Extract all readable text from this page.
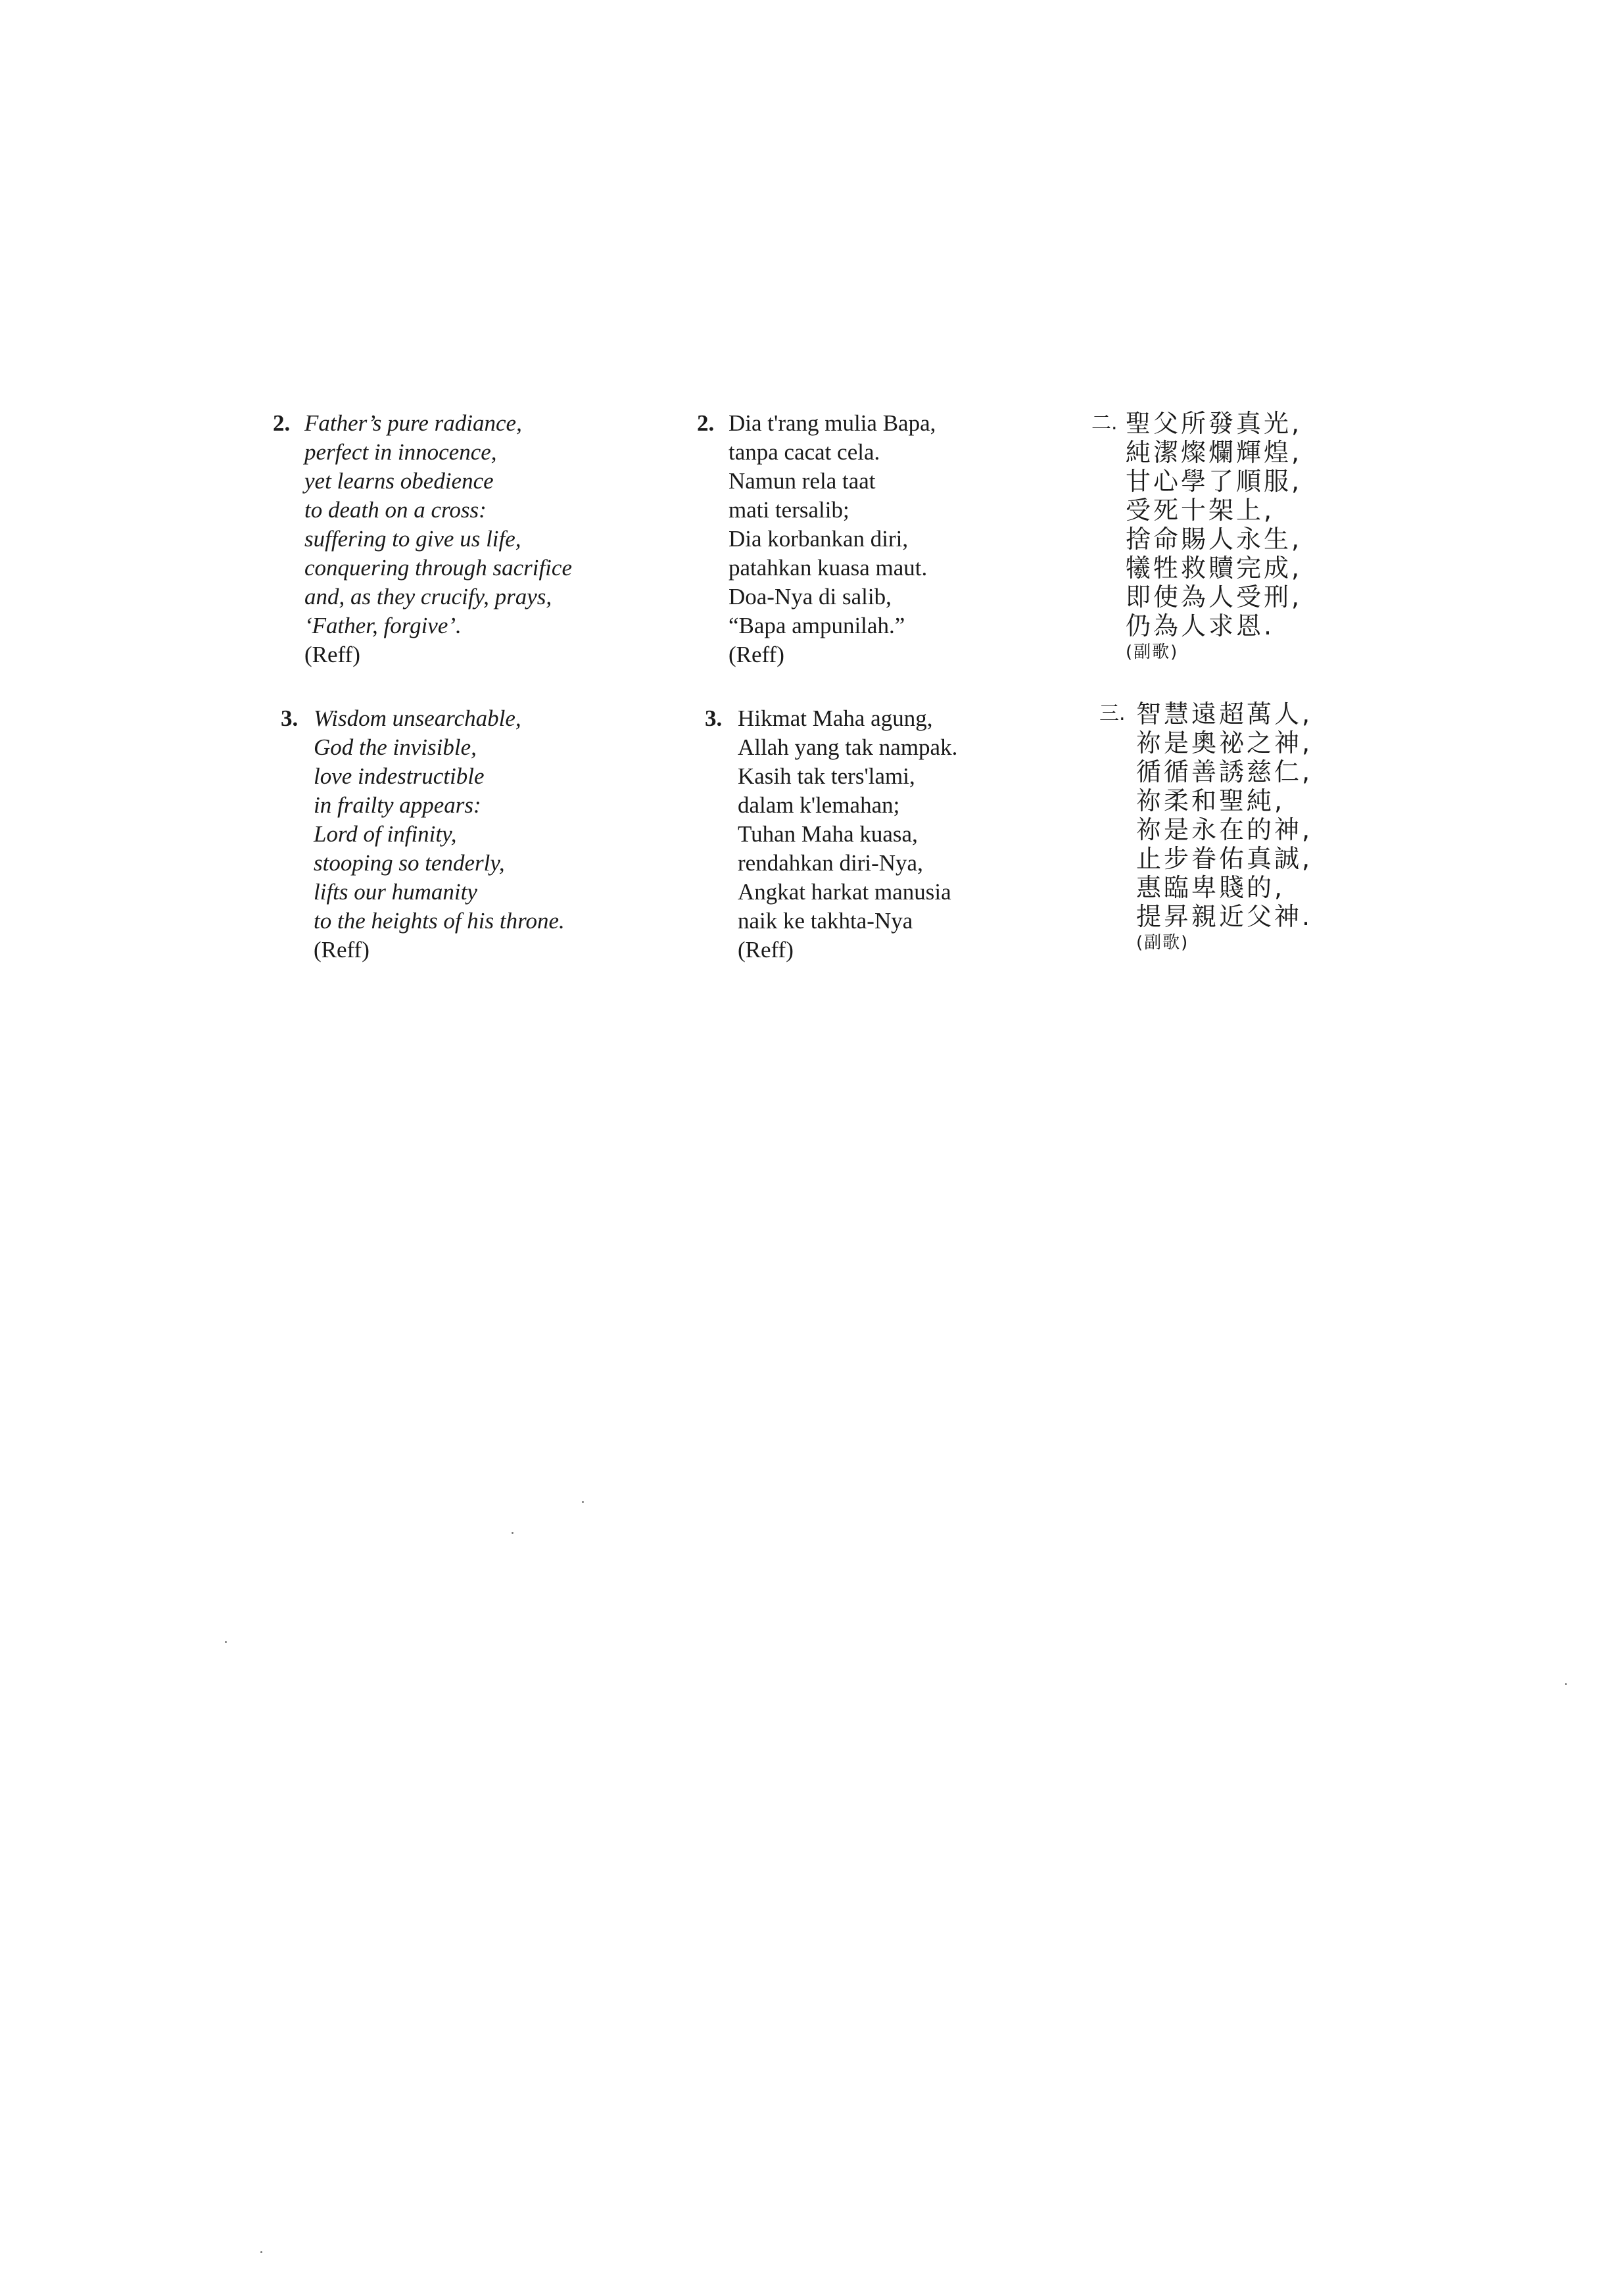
2. Father’s pure radiance,
perfect in innocence,
yet learns obedience
to death on a cross:
suffering to give us life,
conquering through sacrifice
and, as they crucify, prays,
‘Father, forgive’.
(Reff)
2. Dia t'rang mulia Bapa,
tanpa cacat cela.
Namun rela taat
mati tersalib;
Dia korbankan diri,
patahkan kuasa maut.
Doa-Nya di salib,
“Bapa ampunilah.”
(Reff)
二. 聖父所發真光,
純潔燦爛輝煌,
甘心學了順服,
受死十架上,
捨命賜人永生,
犧牲救贖完成,
即使為人受刑,
仍為人求恩.
(副歌)
3. Wisdom unsearchable,
God the invisible,
love indestructible
in frailty appears:
Lord of infinity,
stooping so tenderly,
lifts our humanity
to the heights of his throne.
(Reff)
3. Hikmat Maha agung,
Allah yang tak nampak.
Kasih tak ters'lami,
dalam k'lemahan;
Tuhan Maha kuasa,
rendahkan diri-Nya,
Angkat harkat manusia
naik ke takhta-Nya
(Reff)
三. 智慧遠超萬人,
祢是奧祕之神,
循循善誘慈仁,
祢柔和聖純,
祢是永在的神,
止步眷佑真誠,
惠臨卑賤的,
提昇親近父神.
(副歌)
